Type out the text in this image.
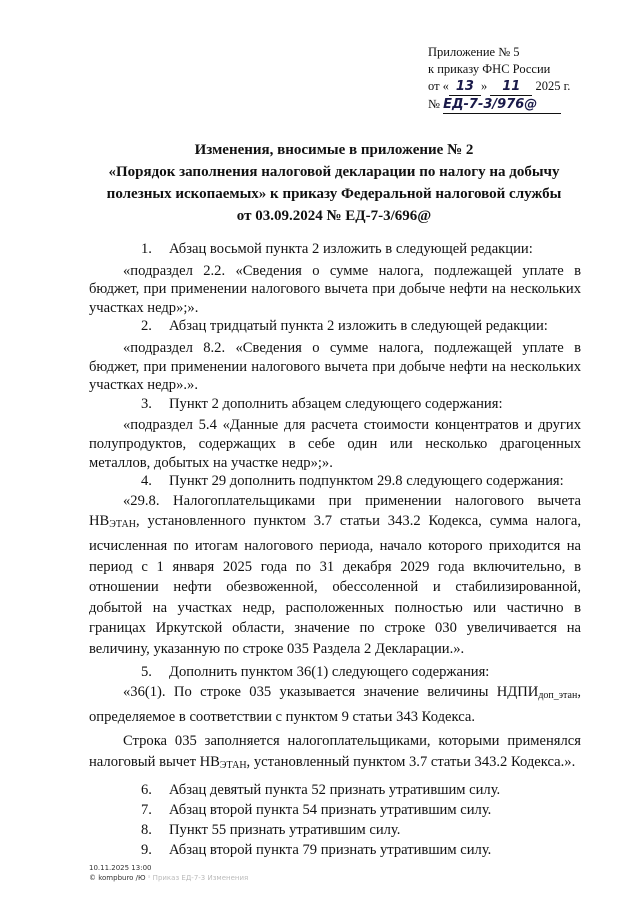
Приложение № 5
к приказу ФНС России
от « 13 » 11 2025 г.
№ ЕД-7-3/976@
Изменения, вносимые в приложение № 2
«Порядок заполнения налоговой декларации по налогу на добычу
полезных ископаемых» к приказу Федеральной налоговой службы
от 03.09.2024 № ЕД-7-3/696@

1. Абзац восьмой пункта 2 изложить в следующей редакции:

«подраздел 2.2. «Сведения о сумме налога, подлежащей уплате в бюджет, при применении налогового вычета при добыче нефти на нескольких участках недр»;».

2. Абзац тридцатый пункта 2 изложить в следующей редакции:

«подраздел 8.2. «Сведения о сумме налога, подлежащей уплате в бюджет, при применении налогового вычета при добыче нефти на нескольких участках недр».».

3. Пункт 2 дополнить абзацем следующего содержания:

«подраздел 5.4 «Данные для расчета стоимости концентратов и других полупродуктов, содержащих в себе один или несколько драгоценных металлов, добытых на участке недр»;».

4. Пункт 29 дополнить подпунктом 29.8 следующего содержания:

«29.8. Налогоплательщиками при применении налогового вычета $НВ_{ЭТАН}$, установленного пунктом 3.7 статьи 343.2 Кодекса, сумма налога, исчисленная по итогам налогового периода, начало которого приходится на период с 1 января 2025 года по 31 декабря 2029 года включительно, в отношении нефти обезвоженной, обессоленной и стабилизированной, добытой на участках недр, расположенных полностью или частично в границах Иркутской области, значение по строке 030 увеличивается на величину, указанную по строке 035 Раздела 2 Декларации.».

5. Дополнить пунктом 36(1) следующего содержания:

«36(1). По строке 035 указывается значение величины $НДПИ_{доп\_этан}$, определяемое в соответствии с пунктом 9 статьи 343 Кодекса.

Строка 035 заполняется налогоплательщиками, которыми применялся налоговый вычет $НВ_{ЭТАН}$, установленный пунктом 3.7 статьи 343.2 Кодекса.».

6. Абзац девятый пункта 52 признать утратившим силу.

7. Абзац второй пункта 54 признать утратившим силу.

8. Пункт 55 признать утратившим силу.

9. Абзац второй пункта 79 признать утратившим силу.

10.11.2025 13:00
© kompburo /Ю ˢ Приказ ЕД-7-3 Изменения
